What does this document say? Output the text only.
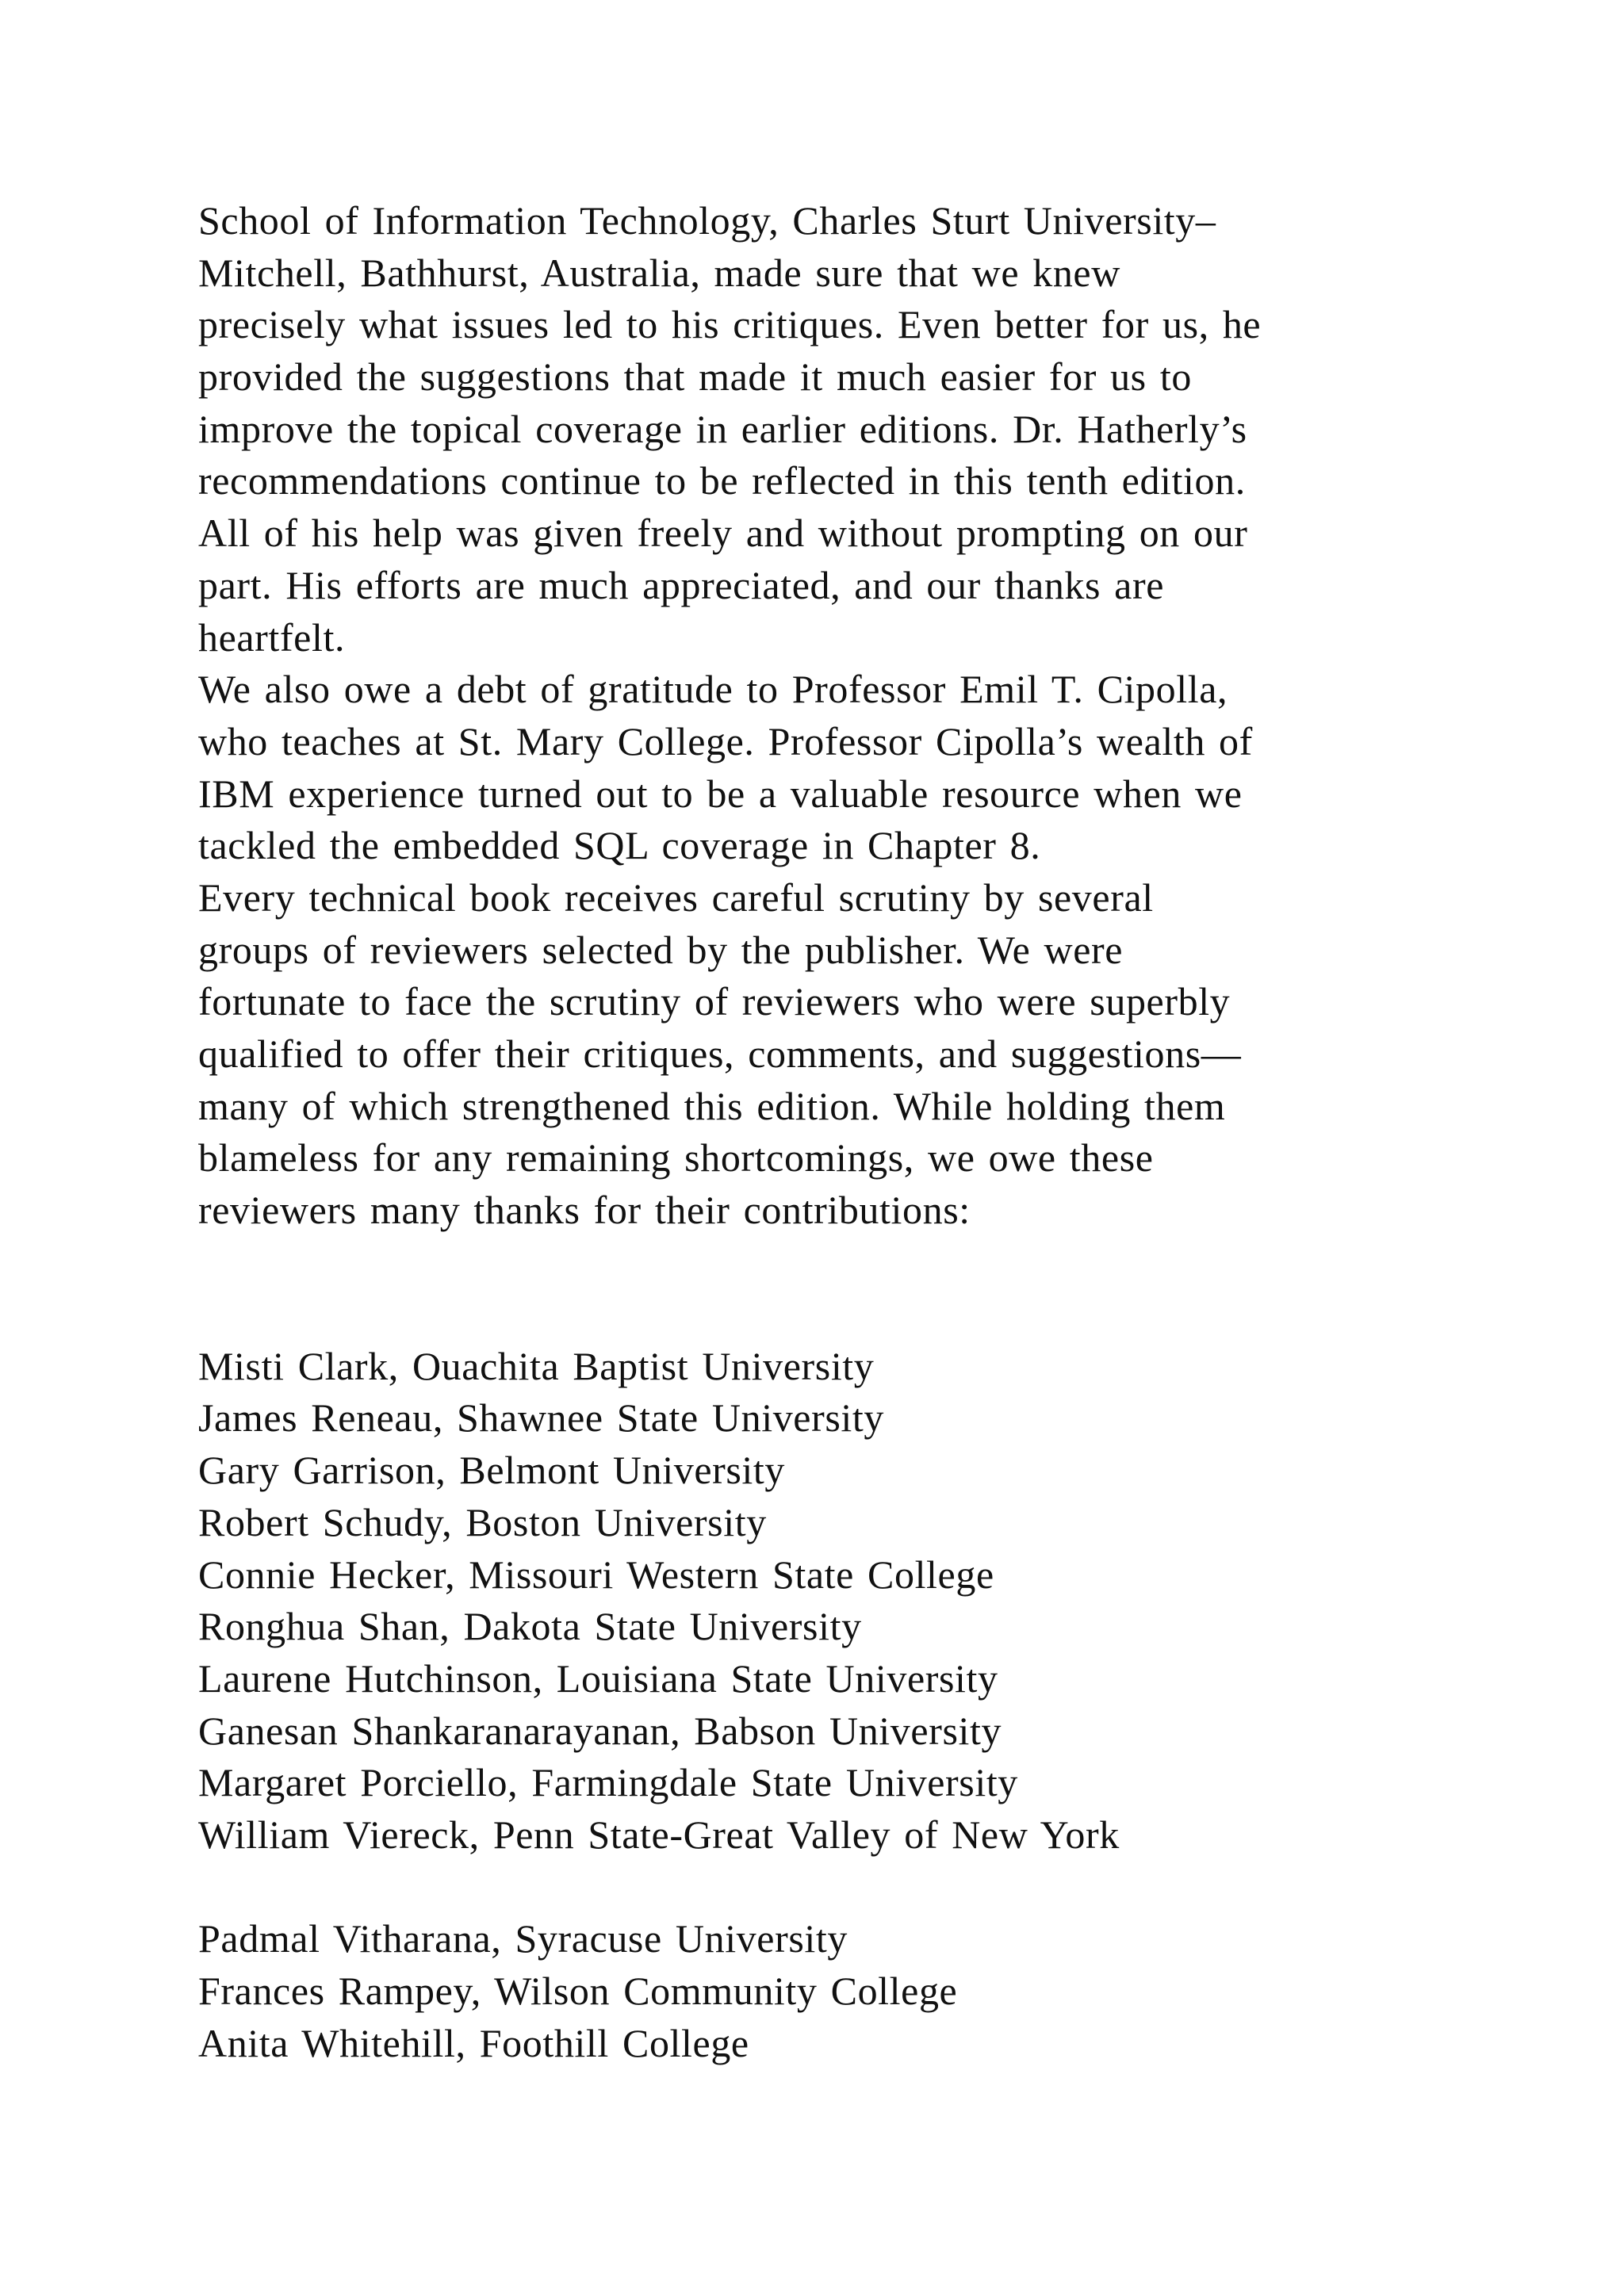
School of Information Technology, Charles Sturt University–
Mitchell, Bathhurst, Australia, made sure that we knew
precisely what issues led to his critiques. Even better for us, he
provided the suggestions that made it much easier for us to
improve the topical coverage in earlier editions. Dr. Hatherly’s
recommendations continue to be reflected in this tenth edition.
All of his help was given freely and without prompting on our
part. His efforts are much appreciated, and our thanks are
heartfelt.
We also owe a debt of gratitude to Professor Emil T. Cipolla,
who teaches at St. Mary College. Professor Cipolla’s wealth of
IBM experience turned out to be a valuable resource when we
tackled the embedded SQL coverage in Chapter 8.
Every technical book receives careful scrutiny by several
groups of reviewers selected by the publisher. We were
fortunate to face the scrutiny of reviewers who were superbly
qualified to offer their critiques, comments, and suggestions—
many of which strengthened this edition. While holding them
blameless for any remaining shortcomings, we owe these
reviewers many thanks for their contributions:
Misti Clark, Ouachita Baptist University
James Reneau, Shawnee State University
Gary Garrison, Belmont University
Robert Schudy, Boston University
Connie Hecker, Missouri Western State College
Ronghua Shan, Dakota State University
Laurene Hutchinson, Louisiana State University
Ganesan Shankaranarayanan, Babson University
Margaret Porciello, Farmingdale State University
William Viereck, Penn State-Great Valley of New York
Padmal Vitharana, Syracuse University
Frances Rampey, Wilson Community College
Anita Whitehill, Foothill College
